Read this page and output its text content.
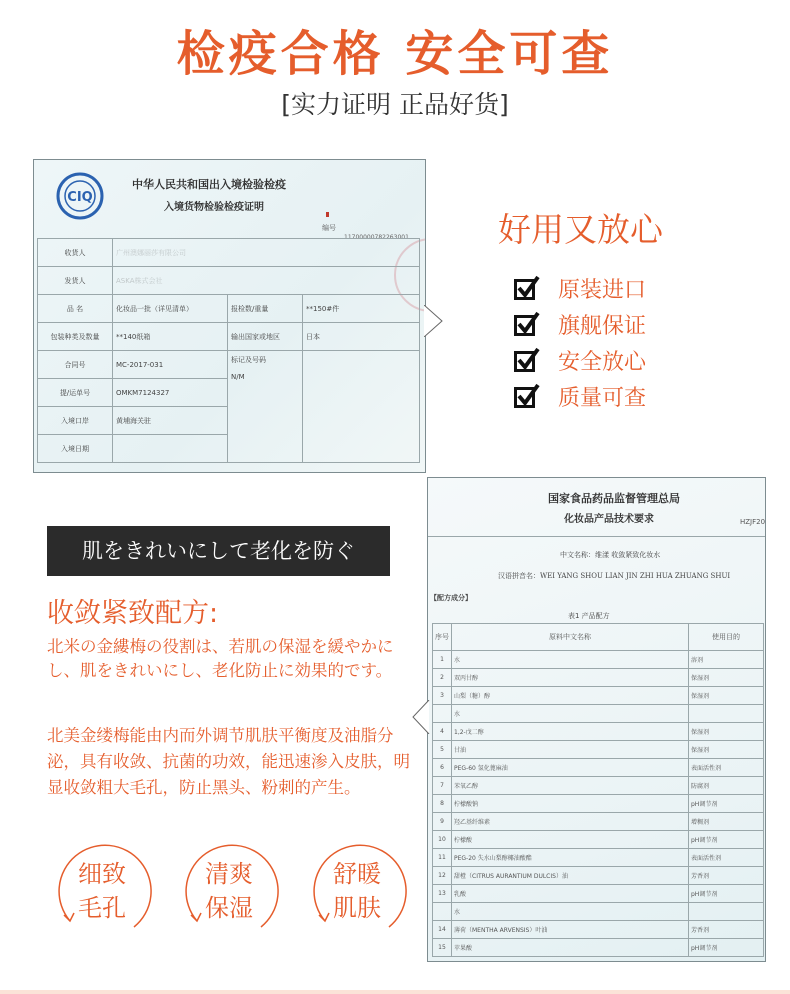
检疫合格 安全可查
[实力证明 正品好货]
CIQ
中华人民共和国出入境检验检疫
入境货物检验检疫证明
编号
11700000782263001
收货人	广州澳娜丽莎有限公司		
发货人	ASKA株式会社		
品 名	化妆品一批（详见清单）	报检数/重量	**150#件
包装种类及数量	**140纸箱	输出国家或地区	日本
合同号	MC-2017-031	标记及号码

N/M	
提/运单号	OMKM7124327		
入境口岸	黄埔海关驻		
入境日期			
好用又放心
原装进口
旗舰保证
安全放心
质量可查
国家食品药品监督管理总局
化妆品产品技术要求	HZJF20
中文名称：维漾 收敛紧致化妆水
汉语拼音名：WEI YANG SHOU LIAN JIN ZHI HUA ZHUANG SHUI
【配方成分】
表1 产品配方
序号	原料中文名称	使用目的
1	水	溶剂
2	双丙甘醇	保湿剂
3	山梨（糖）醇	保湿剂
	水	
4	1,2-戊二醇	保湿剂
5	甘油	保湿剂
6	PEG-60 氢化蓖麻油	表面活性剂
7	苯氧乙醇	防腐剂
8	柠檬酸钠	pH调节剂
9	羟乙基纤维素	增稠剂
10	柠檬酸	pH调节剂
11	PEG-20 失水山梨醇椰油酸酯	表面活性剂
12	甜橙（CITRUS AURANTIUM DULCIS）油	芳香剂
13	乳酸	pH调节剂
	水	
14	薄荷（MENTHA ARVENSIS）叶油	芳香剂
15	苹果酸	pH调节剂
肌をきれいにして老化を防ぐ
收敛紧致配方:
北米の金縷梅の役割は、若肌の保湿を緩やかにし、肌をきれいにし、老化防止に効果的です。
北美金缕梅能由内而外调节肌肤平衡度及油脂分泌，具有收敛、抗菌的功效，能迅速渗入皮肤，明显收敛粗大毛孔，防止黑头、粉刺的产生。
细致
毛孔
清爽
保湿
舒暖
肌肤
